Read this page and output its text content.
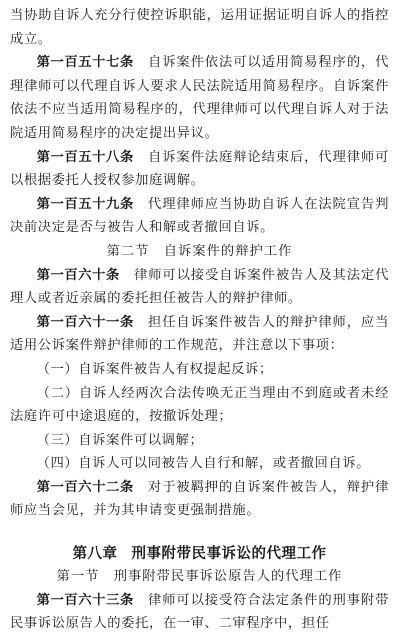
当协助自诉人充分行使控诉职能，运用证据证明自诉人的指控成立。

第一百五十七条　 自诉案件依法可以适用简易程序的，代理律师可以代理自诉人要求人民法院适用简易程序。自诉案件依法不应当适用简易程序的，代理律师可以代理自诉人对于法院适用简易程序的决定提出异议。

第一百五十八条　 自诉案件法庭辩论结束后，代理律师可以根据委托人授权参加庭调解。

第一百五十九条　 代理律师应当协助自诉人在法院宣告判决前决定是否与被告人和解或者撤回自诉。

第二节　自诉案件的辩护工作

第一百六十条　 律师可以接受自诉案件被告人及其法定代理人或者近亲属的委托担任被告人的辩护律师。

第一百六十一条　 担任自诉案件被告人的辩护律师，应当适用公诉案件辩护律师的工作规范，并注意以下事项：

（一）自诉案件被告人有权提起反诉；

（二）自诉人经两次合法传唤无正当理由不到庭或者未经法庭许可中途退庭的，按撤诉处理；

（三）自诉案件可以调解；

（四）自诉人可以同被告人自行和解，或者撤回自诉。

第一百六十二条　 对于被羁押的自诉案件被告人，辩护律师应当会见，并为其申请变更强制措施。

第八章 刑事附带民事诉讼的代理工作

第一节　刑事附带民事诉讼原告人的代理工作

第一百六十三条　 律师可以接受符合法定条件的刑事附带民事诉讼原告人的委托，在一审、二审程序中，担任
